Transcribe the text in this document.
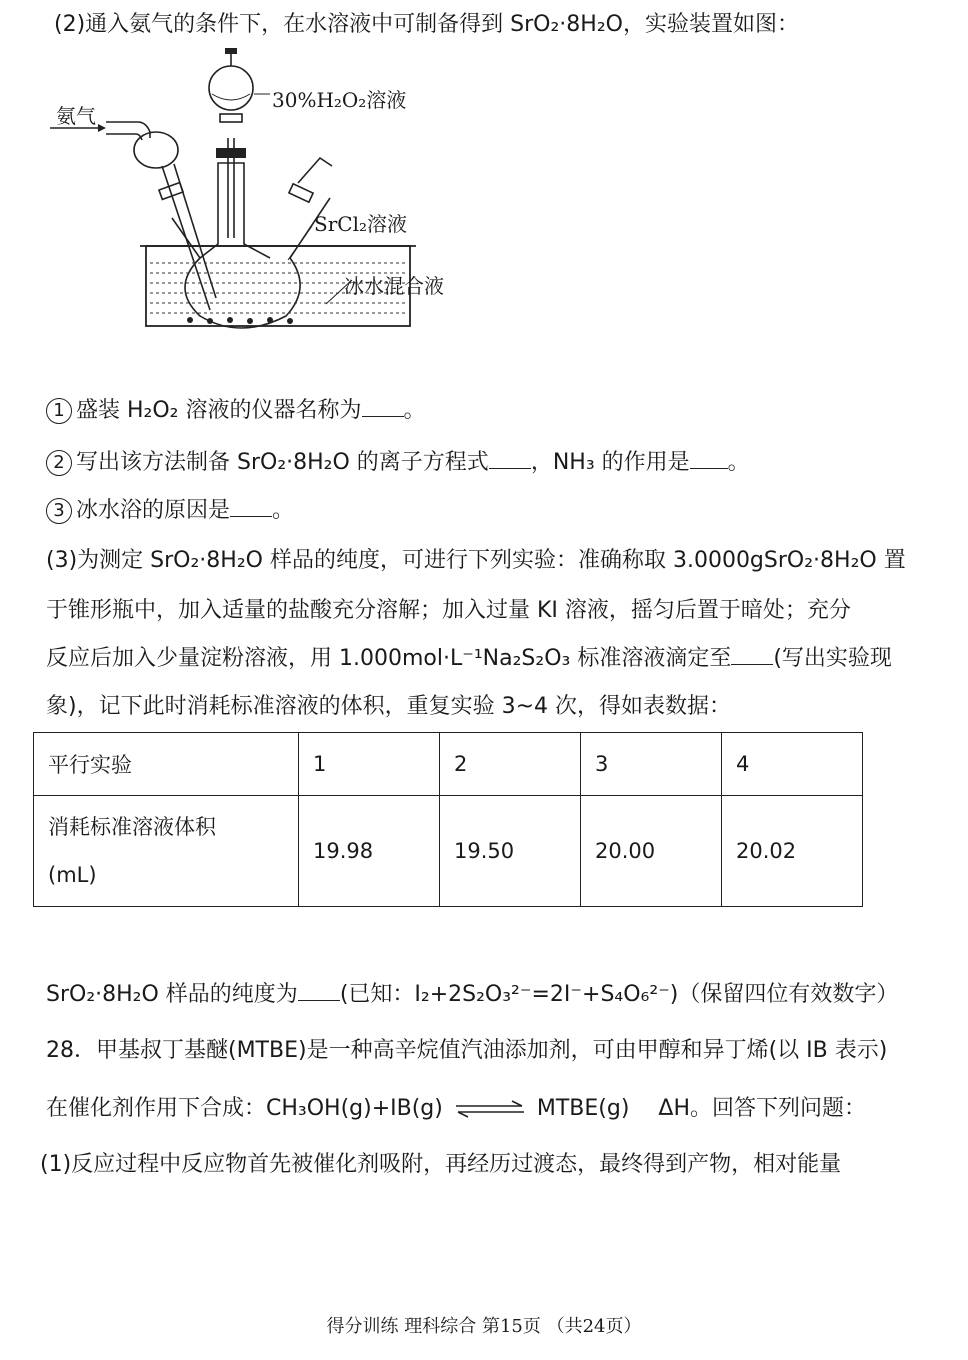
(2)通入氨气的条件下，在水溶液中可制备得到 SrO₂·8H₂O，实验装置如图：
氨气
30%H₂O₂溶液
SrCl₂溶液
冰水混合液
1 盛装 H₂O₂ 溶液的仪器名称为 。
2 写出该方法制备 SrO₂·8H₂O 的离子方程式 ，NH₃ 的作用是 。
3 冰水浴的原因是 。
(3)为测定 SrO₂·8H₂O 样品的纯度，可进行下列实验：准确称取 3.0000gSrO₂·8H₂O 置
于锥形瓶中，加入适量的盐酸充分溶解；加入过量 KI 溶液，摇匀后置于暗处；充分
反应后加入少量淀粉溶液，用 1.000mol·L⁻¹Na₂S₂O₃ 标准溶液滴定至 (写出实验现
象)，记下此时消耗标准溶液的体积，重复实验 3~4 次，得如表数据：
平行实验	1	2	3	4

消耗标准溶液体积
(mL)	19.98	19.50	20.00	20.02
SrO₂·8H₂O 样品的纯度为 (已知：I₂+2S₂O₃²⁻=2I⁻+S₄O₆²⁻)（保留四位有效数字）
28．甲基叔丁基醚(MTBE)是一种高辛烷值汽油添加剂，可由甲醇和异丁烯(以 IB 表示)
在催化剂作用下合成：CH₃OH(g)+IB(g) ⇌ MTBE(g)　 ΔH。回答下列问题：
(1)反应过程中反应物首先被催化剂吸附，再经历过渡态，最终得到产物，相对能量
得分训练 理科综合 第15页 （共24页）
